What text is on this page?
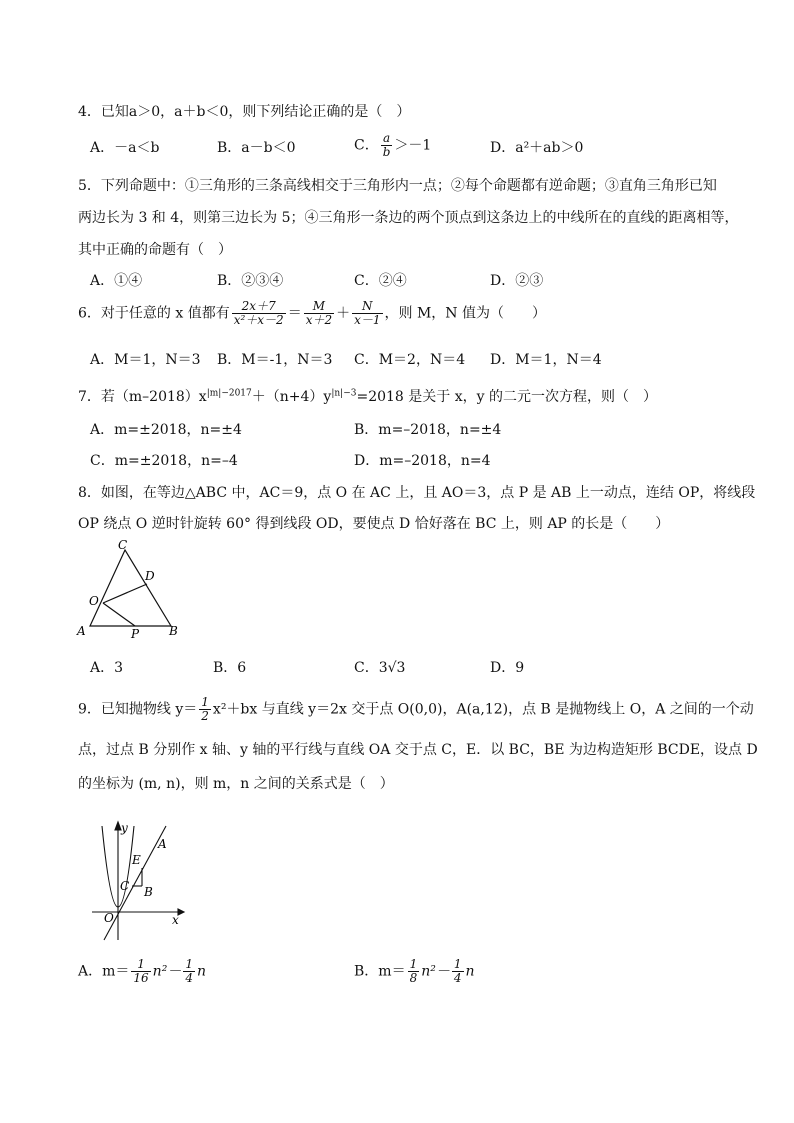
4．已知a＞0，a＋b＜0，则下列结论正确的是（　）
A．－a＜b	B．a－b＜0	C． $\frac{a}{b} >-1$	D．a²＋ab＞0
5．下列命题中：①三角形的三条高线相交于三角形内一点；②每个命题都有逆命题；③直角三角形已知
两边长为 3 和 4，则第三边长为 5；④三角形一条边的两个顶点到这条边上的中线所在的直线的距离相等，
其中正确的命题有（　）
A．①④	B．②③④	C．②④	D．②③
6．对于任意的 x 值都有 $\frac{2x+7}{\text{x²＋x－2}} = \frac{M}{x+2} + \frac{N}{x-1}$ ，则 M，N 值为（　　）
A．M＝1，N＝3 B．M＝-1，N＝3 C．M＝2，N＝4 D．M＝1，N＝4
7．若$(m-2018)x^{|m|-2017}+(n+4)y^{|n|-3}=2018$ 是关于 x，y 的二元一次方程，则（　）
A．m=±2018，n=±4	B．m=–2018，n=±4
C．m=±2018，n=–4	D．m=–2018，n=4
8．如图，在等边△ABC 中，AC＝9，点 O 在 AC 上，且 AO＝3，点 P 是 AB 上一动点，连结 OP，将线段
OP 绕点 O 逆时针旋转 60° 得到线段 OD，要使点 D 恰好落在 BC 上，则 AP 的长是（　　）
C
D
O
A	P B
A．3	B．6	C．3√3	D．9
9．已知抛物线 $y= \frac{1}{2} x^2+bx$ 与直线 y＝2x 交于点 O(0,0)，A(a,12)，点 B 是抛物线上 O，A 之间的一个动
点，过点 B 分别作 x 轴、y 轴的平行线与直线 OA 交于点 C，E．以 BC，BE 为边构造矩形 BCDE，设点 D
的坐标为 (m, n)，则 m，n 之间的关系式是（　）
y
x
O
A
E
C B
A．$m= \frac{1}{16} n^2- \frac{1}{4}$ n	B．$m= \frac{1}{8} n^2- \frac{1}{4}$ n
